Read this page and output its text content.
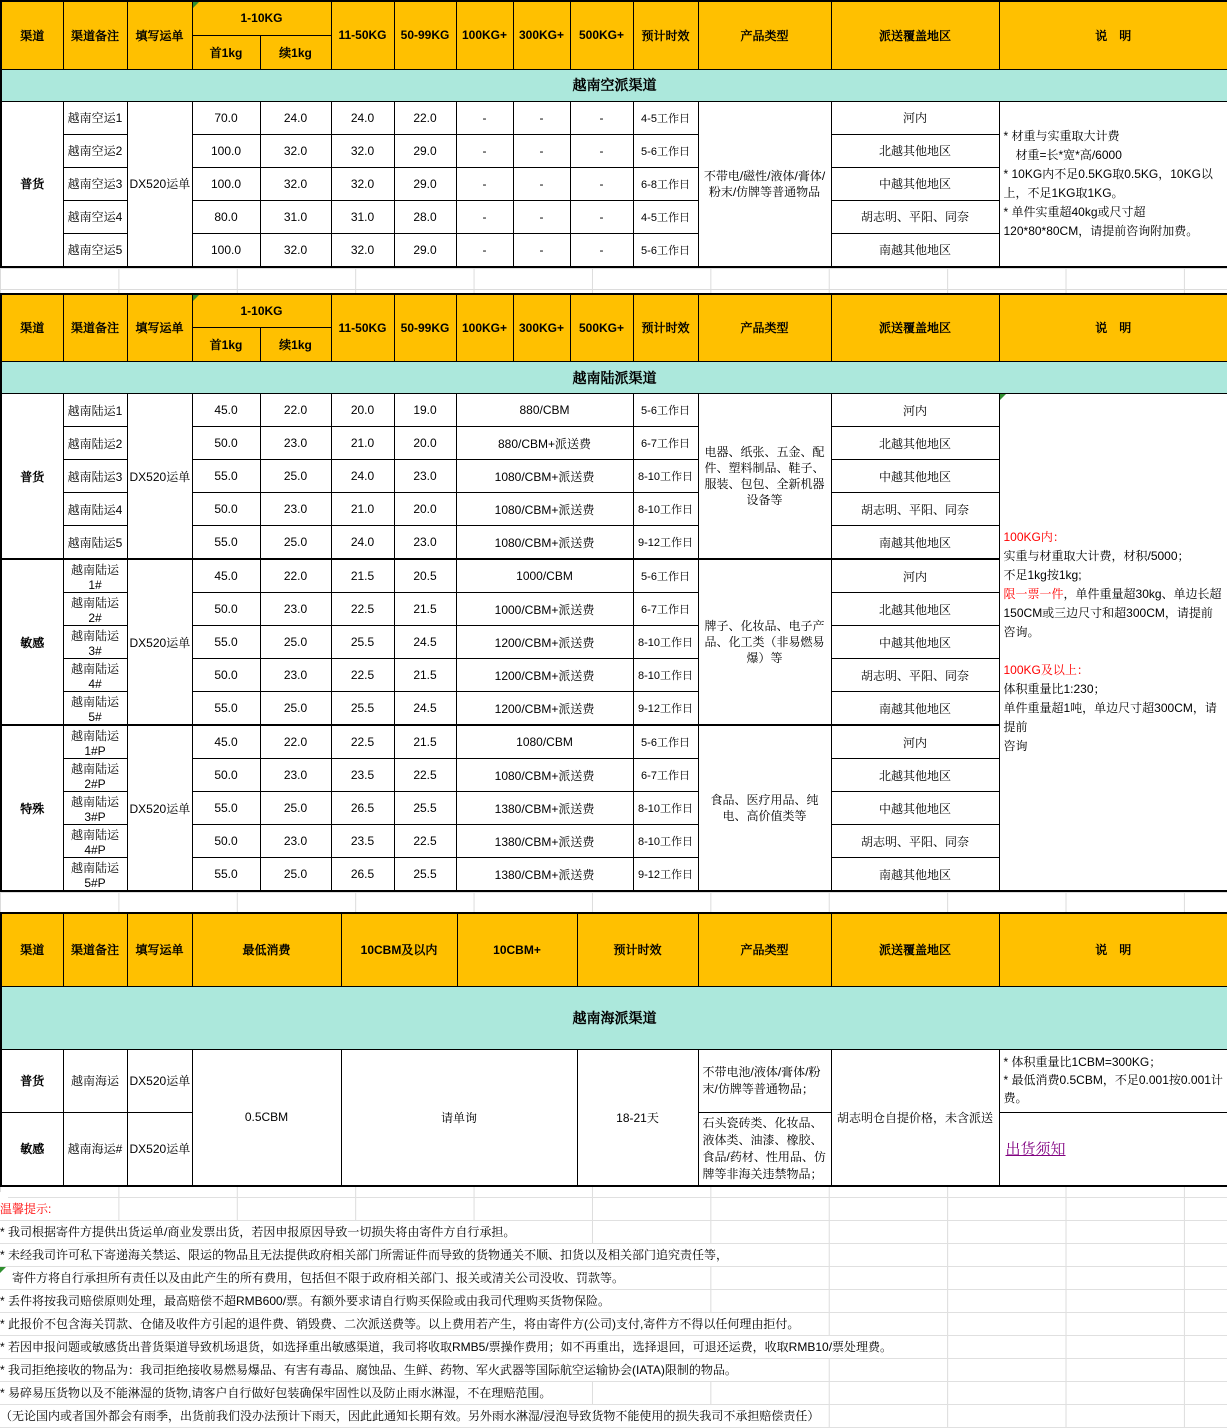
越南空派渠道													
渠道	渠道备注	填写运单	1-10KG		11-50KG	50-99KG	100KG+	300KG+	500KG+	预计时效	产品类型	派送覆盖地区	说　明
			首1kg	续1kg									
普货	越南空运1	DX520运单	70.0	24.0	24.0	22.0	-	-	-	4-5工作日	不带电/磁性/液体/膏体/粉末/仿牌等普通物品	河内	* 材重与实重取大计费
　材重=长*宽*高/6000
* 10KG内不足0.5KG取0.5KG，10KG以上，不足1KG取1KG。
* 单件实重超40kg或尺寸超120*80*80CM，请提前咨询附加费。

	越南空运2		100.0	32.0	32.0	29.0	-	-	-	5-6工作日		北越其他地区	
	越南空运3		100.0	32.0	32.0	29.0	-	-	-	6-8工作日		中越其他地区	
	越南空运4		80.0	31.0	31.0	28.0	-	-	-	4-5工作日		胡志明、平阳、同奈	
	越南空运5		100.0	32.0	32.0	29.0	-	-	-	5-6工作日		南越其他地区	
越南陆派渠道													
渠道	渠道备注	填写运单	1-10KG		11-50KG	50-99KG	100KG+	300KG+	500KG+	预计时效	产品类型	派送覆盖地区	说　明
			首1kg	续1kg									
普货	越南陆运1	DX520运单	45.0	22.0	20.0	19.0	880/CBM	5-6工作日	电器、纸张、五金、配件、塑料制品、鞋子、服装、包包、全新机器设备等	河内	
100KG内：
实重与材重取大计费，材积/5000；
不足1kg按1kg;
限一票一件，单件重量超30kg、单边长超
150CM或三边尺寸和超300CM，请提前咨询。

100KG及以上：
体积重量比1:230；
单件重量超1吨，单边尺寸超300CM，请提前
咨询

	越南陆运2		50.0	23.0	21.0	20.0	880/CBM+派送费			6-7工作日		北越其他地区	
	越南陆运3		55.0	25.0	24.0	23.0	1080/CBM+派送费			8-10工作日		中越其他地区	
	越南陆运4		50.0	23.0	21.0	20.0	1080/CBM+派送费			8-10工作日		胡志明、平阳、同奈	
	越南陆运5		55.0	25.0	24.0	23.0	1080/CBM+派送费			9-12工作日		南越其他地区	
敏感	越南陆运1#	DX520运单	45.0	22.0	21.5	20.5	1000/CBM			5-6工作日	牌子、化妆品、电子产品、化工类（非易燃易爆）等	河内	
	越南陆运2#		50.0	23.0	22.5	21.5	1000/CBM+派送费			6-7工作日		北越其他地区	
	越南陆运3#		55.0	25.0	25.5	24.5	1200/CBM+派送费			8-10工作日		中越其他地区	
	越南陆运4#		50.0	23.0	22.5	21.5	1200/CBM+派送费			8-10工作日		胡志明、平阳、同奈	
	越南陆运5#		55.0	25.0	25.5	24.5	1200/CBM+派送费			9-12工作日		南越其他地区	
特殊	越南陆运1#P	DX520运单	45.0	22.0	22.5	21.5	1080/CBM			5-6工作日	食品、医疗用品、纯电、高价值类等	河内	
	越南陆运2#P		50.0	23.0	23.5	22.5	1080/CBM+派送费			6-7工作日		北越其他地区	
	越南陆运3#P		55.0	25.0	26.5	25.5	1380/CBM+派送费			8-10工作日		中越其他地区	
	越南陆运4#P		50.0	23.0	23.5	22.5	1380/CBM+派送费			8-10工作日		胡志明、平阳、同奈	
	越南陆运5#P		55.0	25.0	26.5	25.5	1380/CBM+派送费			9-12工作日		南越其他地区	
越南海派渠道									
渠道	渠道备注	填写运单	最低消费	10CBM及以内	10CBM+	预计时效	产品类型	派送覆盖地区	说　明
普货	越南海运	DX520运单	0.5CBM	请单询		18-21天	不带电池/液体/膏体/粉末/仿牌等普通物品；	胡志明仓自提价格，未含派送	* 体积重量比1CBM=300KG；
* 最低消费0.5CBM，不足0.001按0.001计费。

敏感	越南海运#	DX520运单					石头瓷砖类、化妆品、液体类、油漆、橡胶、食品/药材、性用品、仿牌等非海关违禁物品；		出货须知
温馨提示:
* 我司根据寄件方提供出货运单/商业发票出货，若因申报原因导致一切损失将由寄件方自行承担。
* 未经我司许可私下寄递海关禁运、限运的物品且无法提供政府相关部门所需证件而导致的货物通关不顺、扣货以及相关部门追究责任等，
　寄件方将自行承担所有责任以及由此产生的所有费用，包括但不限于政府相关部门、报关或清关公司没收、罚款等。
* 丢件将按我司赔偿原则处理，最高赔偿不超RMB600/票。有额外要求请自行购买保险或由我司代理购买货物保险。
* 此报价不包含海关罚款、仓储及收件方引起的退件费、销毁费、二次派送费等。以上费用若产生，将由寄件方(公司)支付,寄件方不得以任何理由拒付。
* 若因申报问题或敏感货出普货渠道导致机场退货，如选择重出敏感渠道，我司将收取RMB5/票操作费用；如不再重出，选择退回，可退还运费，收取RMB10/票处理费。
* 我司拒绝接收的物品为：我司拒绝接收易燃易爆品、有害有毒品、腐蚀品、生鲜、药物、军火武器等国际航空运输协会(IATA)限制的物品。
* 易碎易压货物以及不能淋湿的货物,请客户自行做好包装确保牢固性以及防止雨水淋湿，不在理赔范围。
（无论国内或者国外都会有雨季，出货前我们没办法预计下雨天，因此此通知长期有效。另外雨水淋湿/浸泡导致货物不能使用的损失我司不承担赔偿责任）
